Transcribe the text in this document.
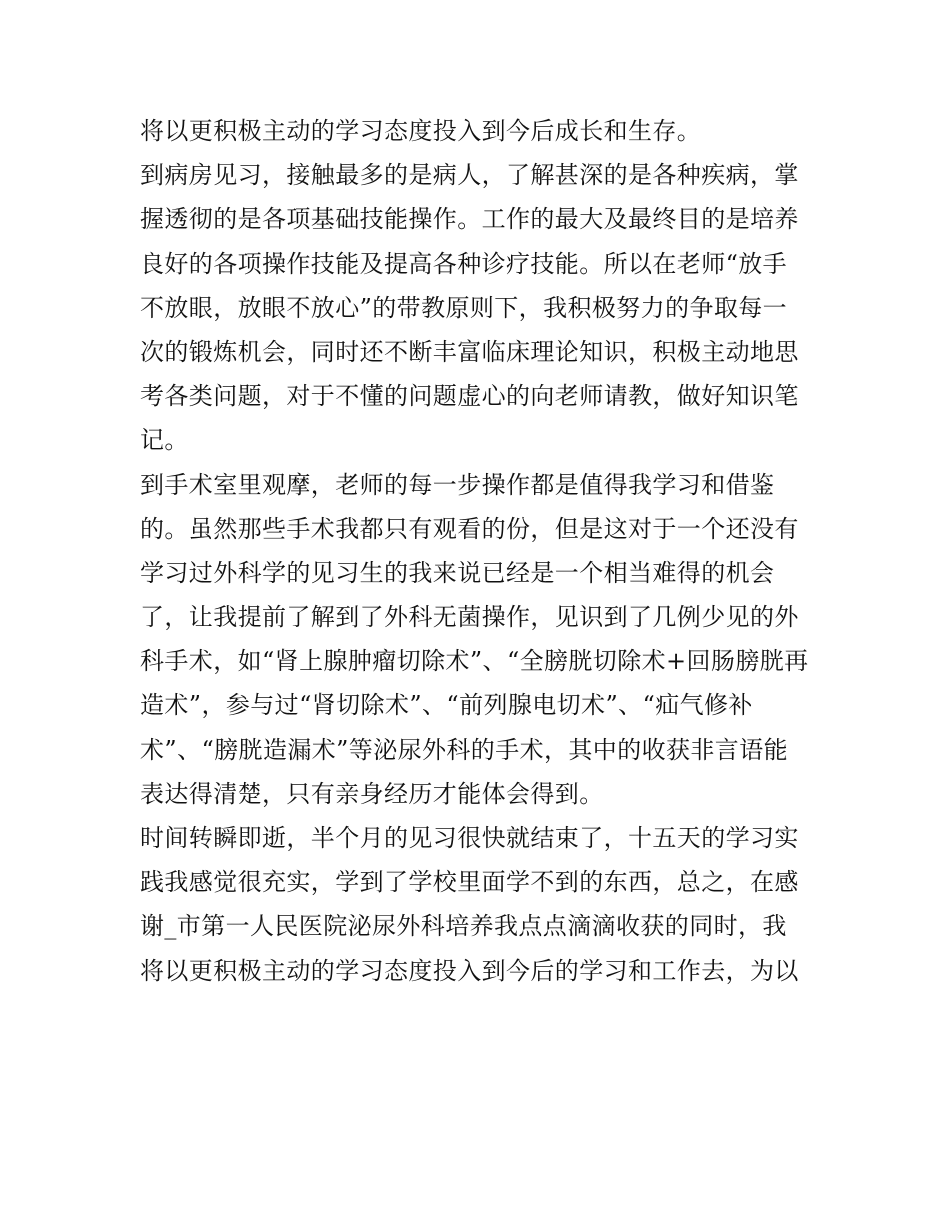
将以更积极主动的学习态度投入到今后成长和生存。
到病房见习，接触最多的是病人，了解甚深的是各种疾病，掌
握透彻的是各项基础技能操作。工作的最大及最终目的是培养
良好的各项操作技能及提高各种诊疗技能。所以在老师“放手
不放眼，放眼不放心”的带教原则下，我积极努力的争取每一
次的锻炼机会，同时还不断丰富临床理论知识，积极主动地思
考各类问题，对于不懂的问题虚心的向老师请教，做好知识笔
记。
到手术室里观摩，老师的每一步操作都是值得我学习和借鉴
的。虽然那些手术我都只有观看的份，但是这对于一个还没有
学习过外科学的见习生的我来说已经是一个相当难得的机会
了，让我提前了解到了外科无菌操作，见识到了几例少见的外
科手术，如“肾上腺肿瘤切除术”、“全膀胱切除术+回肠膀胱再
造术”，参与过“肾切除术”、“前列腺电切术”、“疝气修补
术”、“膀胱造漏术”等泌尿外科的手术，其中的收获非言语能
表达得清楚，只有亲身经历才能体会得到。
时间转瞬即逝，半个月的见习很快就结束了，十五天的学习实
践我感觉很充实，学到了学校里面学不到的东西，总之，在感
谢_市第一人民医院泌尿外科培养我点点滴滴收获的同时，我
将以更积极主动的学习态度投入到今后的学习和工作去，为以
